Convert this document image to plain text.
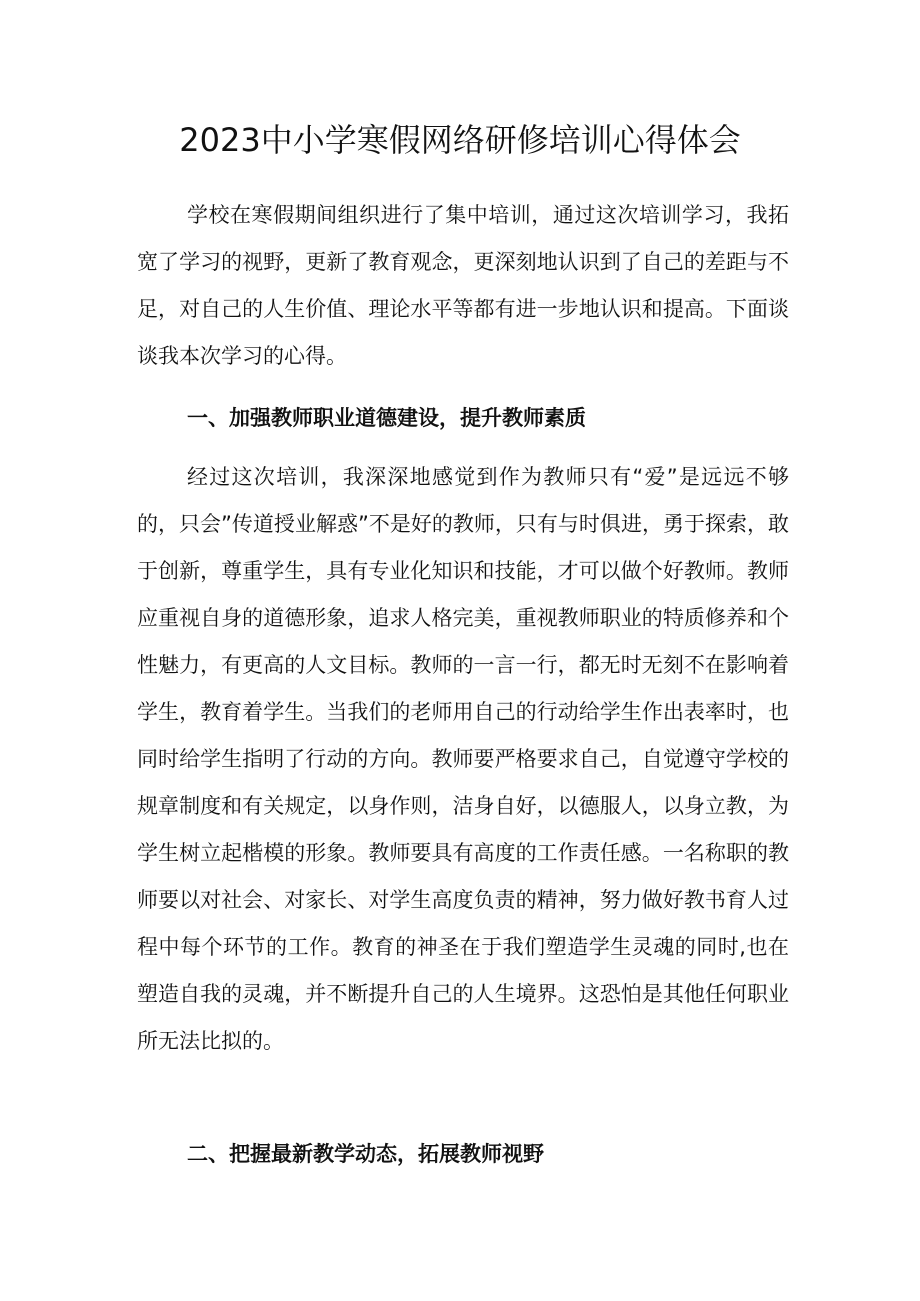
2023中小学寒假网络研修培训心得体会

学校在寒假期间组织进行了集中培训，通过这次培训学习，我拓宽了学习的视野，更新了教育观念，更深刻地认识到了自己的差距与不足，对自己的人生价值、理论水平等都有进一步地认识和提高。下面谈谈我本次学习的心得。

一、加强教师职业道德建设，提升教师素质

经过这次培训，我深深地感觉到作为教师只有“爱”是远远不够的，只会”传道授业解惑”不是好的教师，只有与时俱进，勇于探索，敢于创新，尊重学生，具有专业化知识和技能，才可以做个好教师。教师应重视自身的道德形象，追求人格完美，重视教师职业的特质修养和个性魅力，有更高的人文目标。教师的一言一行，都无时无刻不在影响着学生，教育着学生。当我们的老师用自己的行动给学生作出表率时，也同时给学生指明了行动的方向。教师要严格要求自己，自觉遵守学校的规章制度和有关规定，以身作则，洁身自好，以德服人，以身立教，为学生树立起楷模的形象。教师要具有高度的工作责任感。一名称职的教师要以对社会、对家长、对学生高度负责的精神，努力做好教书育人过程中每个环节的工作。教育的神圣在于我们塑造学生灵魂的同时,也在塑造自我的灵魂，并不断提升自己的人生境界。这恐怕是其他任何职业所无法比拟的。

二、把握最新教学动态，拓展教师视野
